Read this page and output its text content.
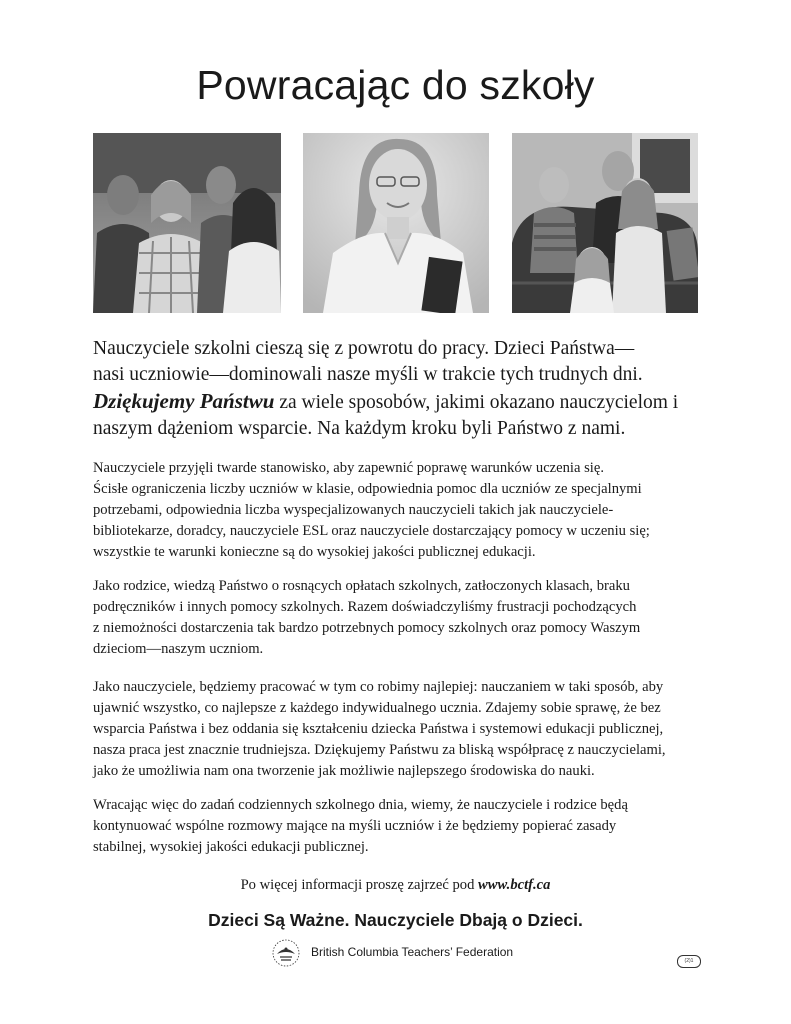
Powracając do szkoły
Nauczyciele szkolni cieszą się z powrotu do pracy. Dzieci Państwa—
nasi uczniowie—dominowali nasze myśli w trakcie tych trudnych dni.
Dziękujemy Państwu za wiele sposobów, jakimi okazano nauczycielom i
naszym dążeniom wsparcie. Na każdym kroku byli Państwo z nami.
Nauczyciele przyjęli twarde stanowisko, aby zapewnić poprawę warunków uczenia się.
Ścisłe ograniczenia liczby uczniów w klasie, odpowiednia pomoc dla uczniów ze specjalnymi
potrzebami, odpowiednia liczba wyspecjalizowanych nauczycieli takich jak nauczyciele-
bibliotekarze, doradcy, nauczyciele ESL oraz nauczyciele dostarczający pomocy w uczeniu się;
wszystkie te warunki konieczne są do wysokiej jakości publicznej edukacji.
Jako rodzice, wiedzą Państwo o rosnących opłatach szkolnych, zatłoczonych klasach, braku
podręczników i innych pomocy szkolnych. Razem doświadczyliśmy frustracji pochodzących
z niemożności dostarczenia tak bardzo potrzebnych pomocy szkolnych oraz pomocy Waszym
dzieciom—naszym uczniom.
Jako nauczyciele, będziemy pracować w tym co robimy najlepiej: nauczaniem w taki sposób, aby
ujawnić wszystko, co najlepsze z każdego indywidualnego ucznia. Zdajemy sobie sprawę, że bez
wsparcia Państwa i bez oddania się kształceniu dziecka Państwa i systemowi edukacji publicznej,
nasza praca jest znacznie trudniejsza. Dziękujemy Państwu za bliską współpracę z nauczycielami,
jako że umożliwia nam ona tworzenie jak możliwie najlepszego środowiska do nauki.
Wracając więc do zadań codziennych szkolnego dnia, wiemy, że nauczyciele i rodzice będą
kontynuować wspólne rozmowy mające na myśli uczniów i że będziemy popierać zasady
stabilnej, wysokiej jakości edukacji publicznej.
Po więcej informacji proszę zajrzeć pod www.bctf.ca
Dzieci Są Ważne. Nauczyciele Dbają o Dzieci.
British Columbia Teachers’ Federation
(2)1
